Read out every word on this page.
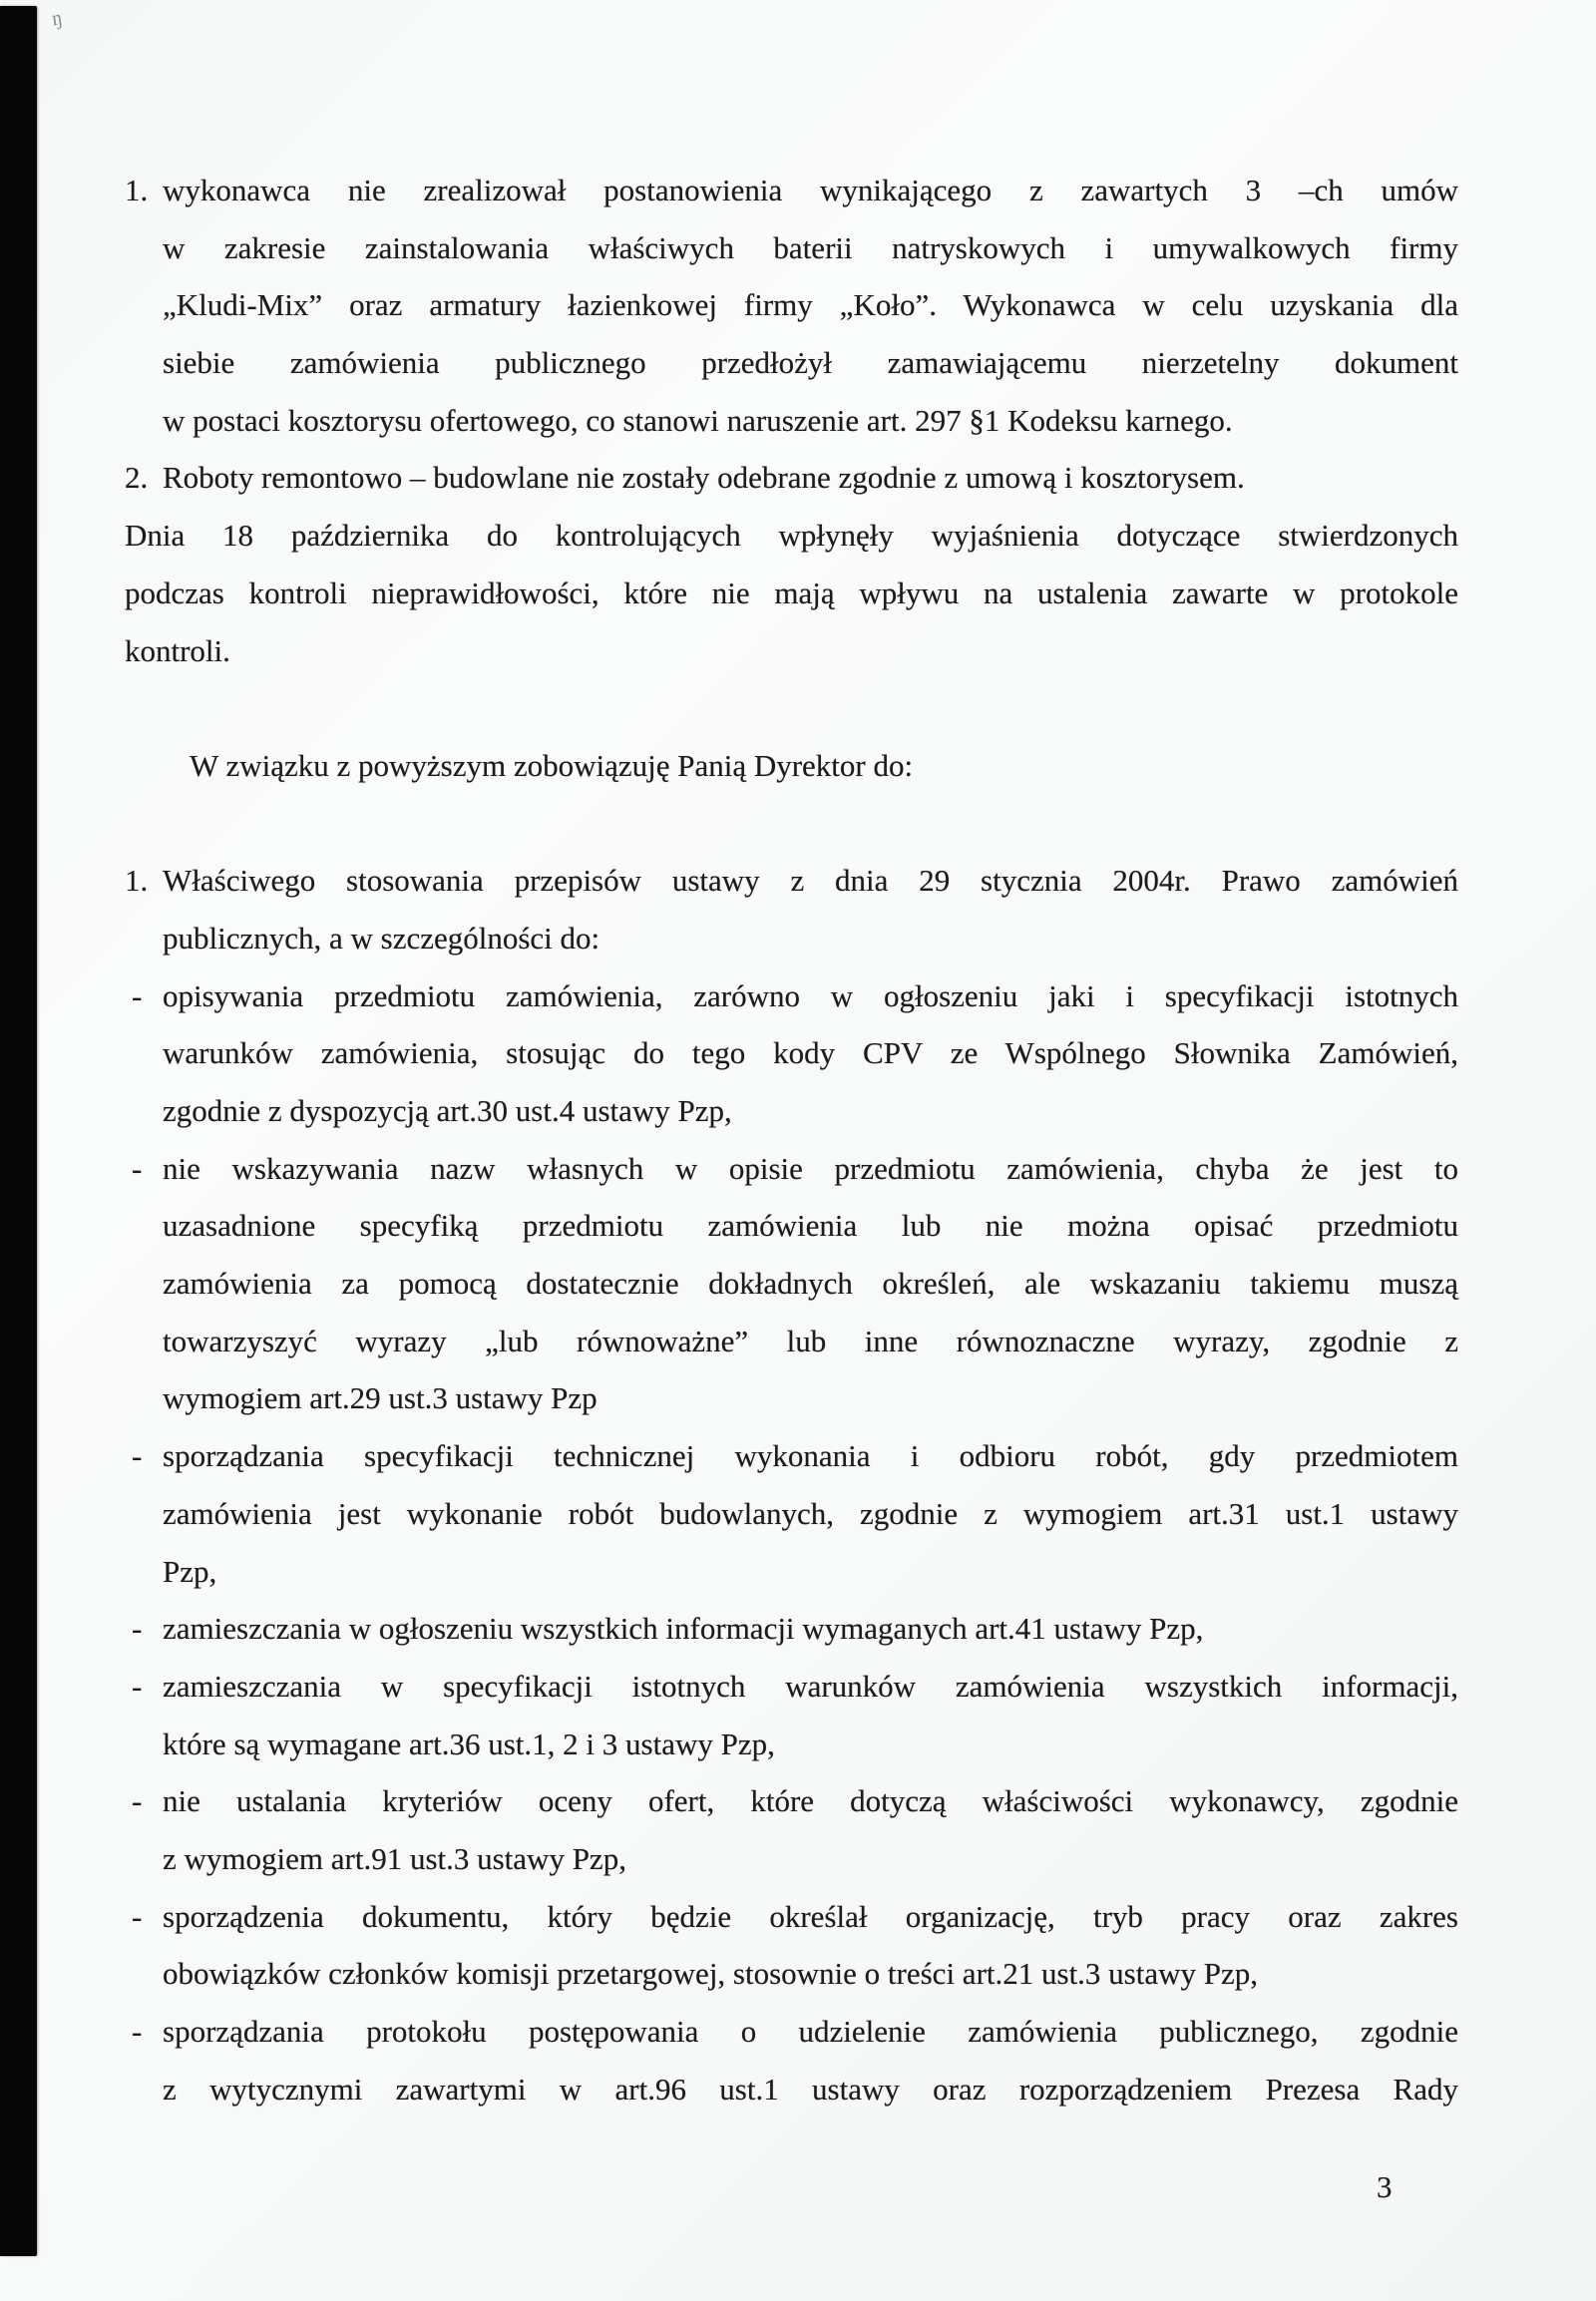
ŋ
1. wykonawca nie zrealizował postanowienia wynikającego z zawartych 3 –ch umów
w zakresie zainstalowania właściwych baterii natryskowych i umywalkowych firmy
„Kludi-Mix” oraz armatury łazienkowej firmy „Koło”. Wykonawca w celu uzyskania dla
siebie zamówienia publicznego przedłożył zamawiającemu nierzetelny dokument
w postaci kosztorysu ofertowego, co stanowi naruszenie art. 297 §1 Kodeksu karnego.
2. Roboty remontowo – budowlane nie zostały odebrane zgodnie z umową i kosztorysem.
Dnia 18 października do kontrolujących wpłynęły wyjaśnienia dotyczące stwierdzonych
podczas kontroli nieprawidłowości, które nie mają wpływu na ustalenia zawarte w protokole
kontroli.
W związku z powyższym zobowiązuję Panią Dyrektor do:
1. Właściwego stosowania przepisów ustawy z dnia 29 stycznia 2004r. Prawo zamówień
publicznych, a w szczególności do:
- opisywania przedmiotu zamówienia, zarówno w ogłoszeniu jaki i specyfikacji istotnych
warunków zamówienia, stosując do tego kody CPV ze Wspólnego Słownika Zamówień,
zgodnie z dyspozycją art.30 ust.4 ustawy Pzp,
- nie wskazywania nazw własnych w opisie przedmiotu zamówienia, chyba że jest to
uzasadnione specyfiką przedmiotu zamówienia lub nie można opisać przedmiotu
zamówienia za pomocą dostatecznie dokładnych określeń, ale wskazaniu takiemu muszą
towarzyszyć wyrazy „lub równoważne” lub inne równoznaczne wyrazy, zgodnie z
wymogiem art.29 ust.3 ustawy Pzp
- sporządzania specyfikacji technicznej wykonania i odbioru robót, gdy przedmiotem
zamówienia jest wykonanie robót budowlanych, zgodnie z wymogiem art.31 ust.1 ustawy
Pzp,
- zamieszczania w ogłoszeniu wszystkich informacji wymaganych art.41 ustawy Pzp,
- zamieszczania w specyfikacji istotnych warunków zamówienia wszystkich informacji,
które są wymagane art.36 ust.1, 2 i 3 ustawy Pzp,
- nie ustalania kryteriów oceny ofert, które dotyczą właściwości wykonawcy, zgodnie
z wymogiem art.91 ust.3 ustawy Pzp,
- sporządzenia dokumentu, który będzie określał organizację, tryb pracy oraz zakres
obowiązków członków komisji przetargowej, stosownie o treści art.21 ust.3 ustawy Pzp,
- sporządzania protokołu postępowania o udzielenie zamówienia publicznego, zgodnie
z wytycznymi zawartymi w art.96 ust.1 ustawy oraz rozporządzeniem Prezesa Rady
3
